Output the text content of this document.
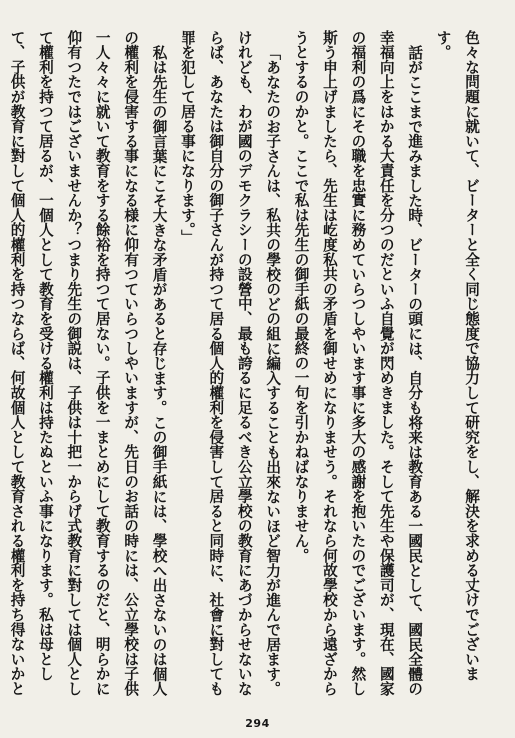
色々な問題に就いて、ビーターと全く同じ態度で協力して研究をし、解決を求める丈けでございます。

話がここまで進みました時、ビーターの頭には、自分も将来は教育ある一國民として、國民全體の幸福向上をはかる大責任を分つのだといふ自覺が閃めきました。そして先生や保護司が、現在、國家の福利の爲にその職を忠實に務めていらつしやいます事に多大の感謝を抱いたのでございます。然し斯う申上げましたら、先生は屹度私共の矛盾を御せめになりませう。それなら何故學校から遠ざからうとするのかと。ここで私は先生の御手紙の最終の一句を引かねばなりません。

「あなたのお子さんは、私共の學校のどの組に編入することも出來ないほど智力が進んで居ます。けれども、わが國のデモクラシーの設營中、最も誇るに足るべき公立學校の教育にあづからせないならば、あなたは御自分の御子さんが持つて居る個人的權利を侵害して居ると同時に、社會に對しても罪を犯して居る事になります。」

私は先生の御言葉にこそ大きな矛盾があると存じます。この御手紙には、學校へ出さないのは個人の權利を侵害する事になる様に仰有つていらつしやいますが、先日のお話の時には、公立學校は子供一人々々に就いて教育をする餘裕を持つて居ない。子供を一まとめにして教育するのだと、明らかに仰有つたではございませんか？つまり先生の御説は、子供は十把一からげ式教育に對しては個人として權利を持つて居るが、一個人として教育を受ける權利は持たぬといふ事になります。私は母として、子供が教育に對して個人的權利を持つならば、何故個人として教育される權利を持ち得ないかと

294
